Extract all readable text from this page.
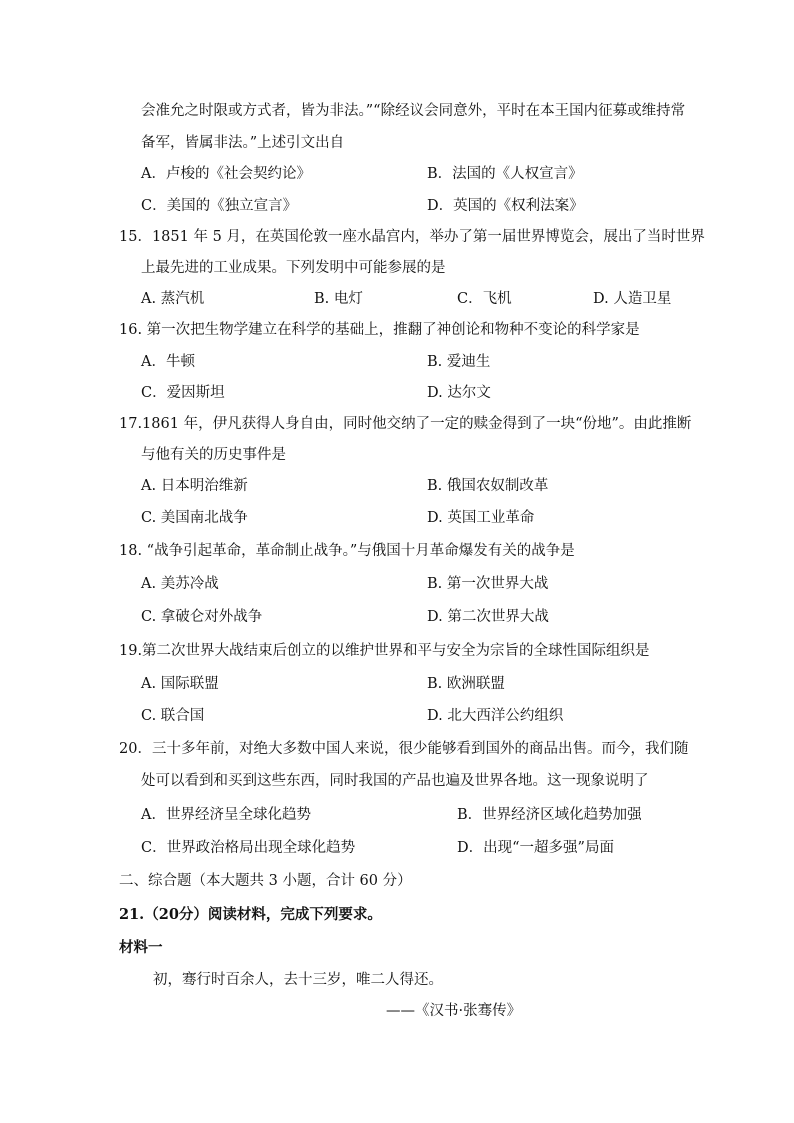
会准允之时限或方式者，皆为非法。”“除经议会同意外，平时在本王国内征募或维持常
备军，皆属非法。”上述引文出自
A．卢梭的《社会契约论》	B．法国的《人权宣言》
C．美国的《独立宣言》	D．英国的《权利法案》
15．1851 年 5 月，在英国伦敦一座水晶宫内，举办了第一届世界博览会，展出了当时世界
上最先进的工业成果。下列发明中可能参展的是
A. 蒸汽机	B. 电灯	C．飞机	D. 人造卫星
16. 第一次把生物学建立在科学的基础上，推翻了神创论和物种不变论的科学家是
A．牛顿	B. 爱迪生
C．爱因斯坦	D. 达尔文
17.1861 年，伊凡获得人身自由，同时他交纳了一定的赎金得到了一块“份地”。由此推断
与他有关的历史事件是
A. 日本明治维新	B. 俄国农奴制改革
C. 美国南北战争	D. 英国工业革命
18. “战争引起革命，革命制止战争。”与俄国十月革命爆发有关的战争是
A. 美苏冷战	B. 第一次世界大战
C. 拿破仑对外战争	D. 第二次世界大战
19.第二次世界大战结束后创立的以维护世界和平与安全为宗旨的全球性国际组织是
A. 国际联盟	B. 欧洲联盟
C. 联合国	D. 北大西洋公约组织
20．三十多年前，对绝大多数中国人来说，很少能够看到国外的商品出售。而今，我们随
处可以看到和买到这些东西，同时我国的产品也遍及世界各地。这一现象说明了
A．世界经济呈全球化趋势	B．世界经济区域化趋势加强
C．世界政治格局出现全球化趋势	D．出现“一超多强”局面
二、综合题（本大题共 3 小题，合计 60 分）
21.（20分）阅读材料，完成下列要求。
材料一
初，骞行时百余人，去十三岁，唯二人得还。
——《汉书·张骞传》
